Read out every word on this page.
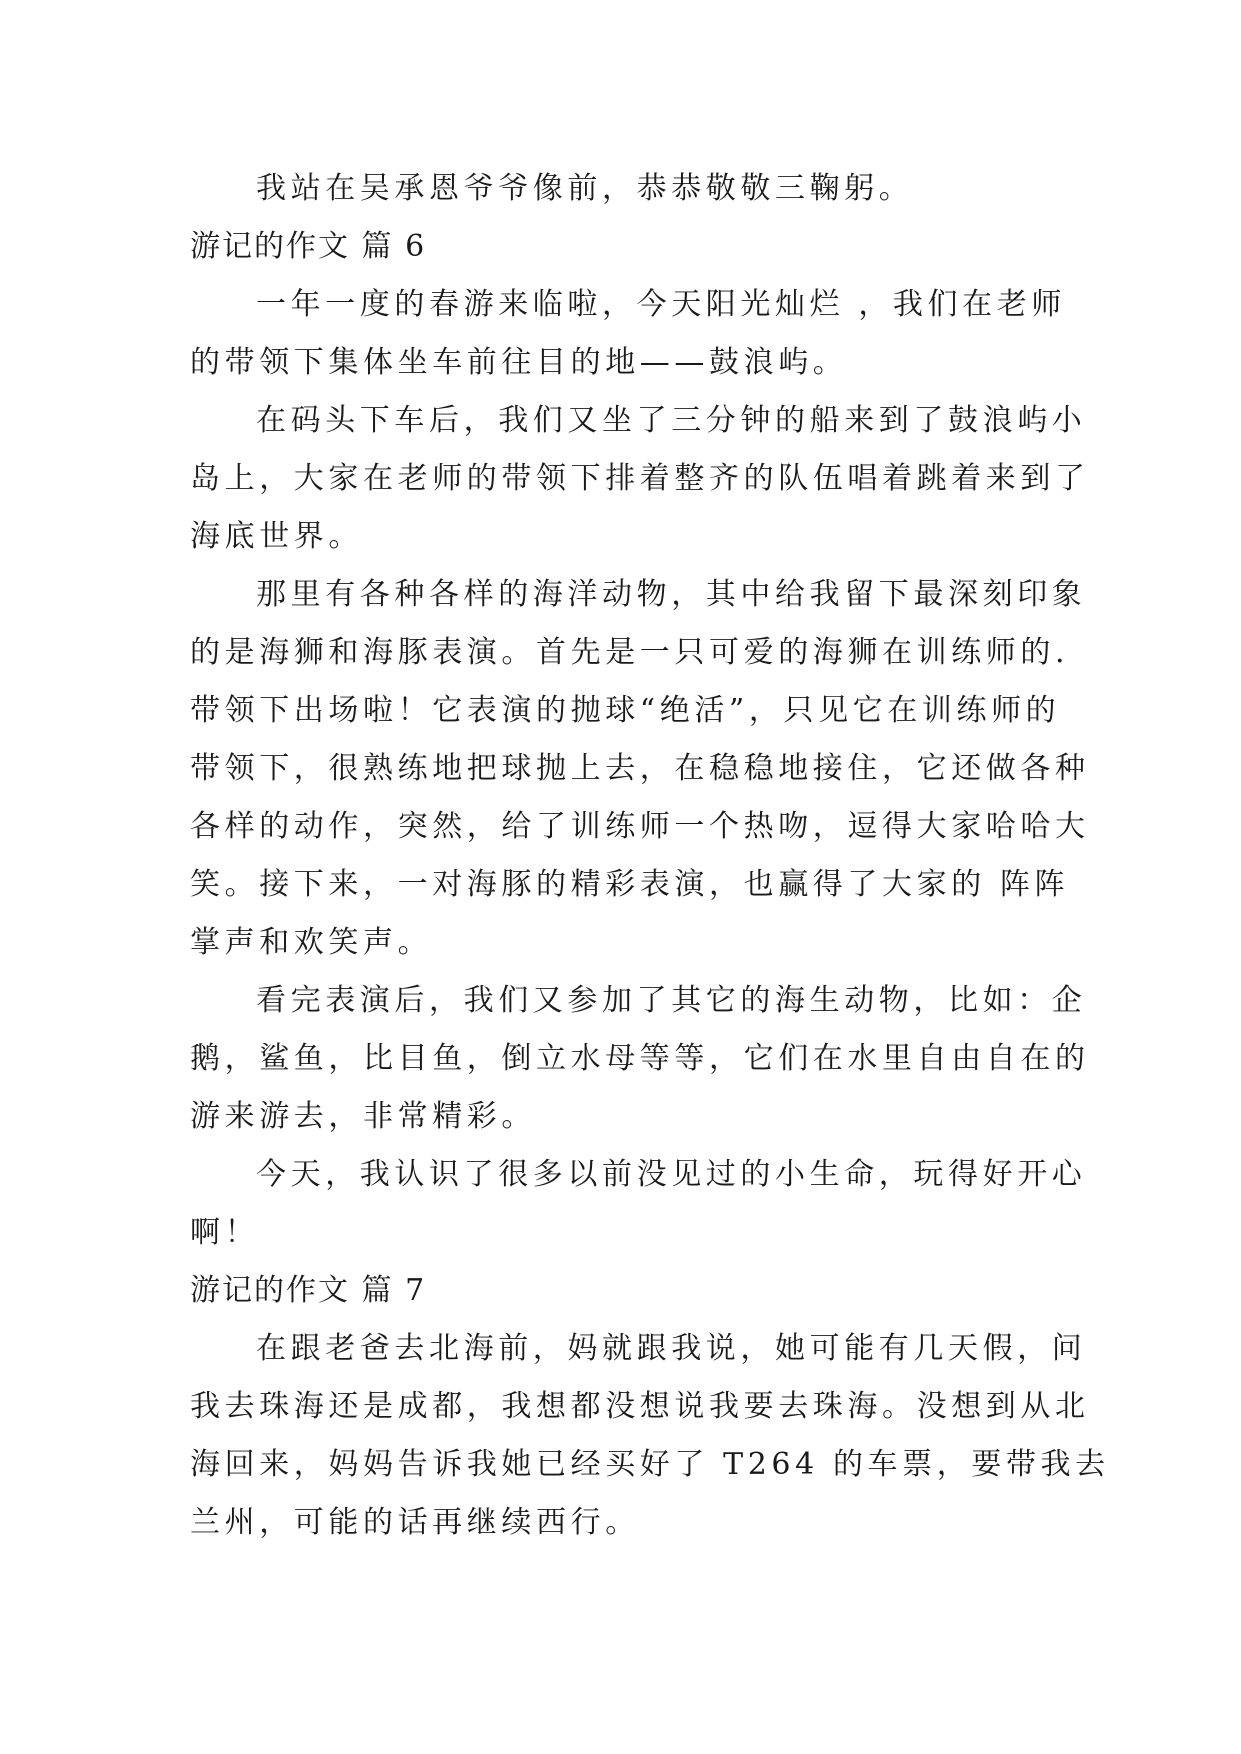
我站在吴承恩爷爷像前，恭恭敬敬三鞠躬。
游记的作文 篇 6
一年一度的春游来临啦，今天阳光灿烂 ，我们在老师
的带领下集体坐车前往目的地——鼓浪屿。
在码头下车后，我们又坐了三分钟的船来到了鼓浪屿小
岛上，大家在老师的带领下排着整齐的队伍唱着跳着来到了
海底世界。
那里有各种各样的海洋动物，其中给我留下最深刻印象
的是海狮和海豚表演。首先是一只可爱的海狮在训练师的.
带领下出场啦！它表演的抛球“绝活”，只见它在训练师的
带领下，很熟练地把球抛上去，在稳稳地接住，它还做各种
各样的动作，突然，给了训练师一个热吻，逗得大家哈哈大
笑。接下来，一对海豚的精彩表演，也赢得了大家的 阵阵
掌声和欢笑声。
看完表演后，我们又参加了其它的海生动物，比如：企
鹅，鲨鱼，比目鱼，倒立水母等等，它们在水里自由自在的
游来游去，非常精彩。
今天，我认识了很多以前没见过的小生命，玩得好开心
啊！
游记的作文 篇 7
在跟老爸去北海前，妈就跟我说，她可能有几天假，问
我去珠海还是成都，我想都没想说我要去珠海。没想到从北
海回来，妈妈告诉我她已经买好了 T264 的车票，要带我去
兰州，可能的话再继续西行。
